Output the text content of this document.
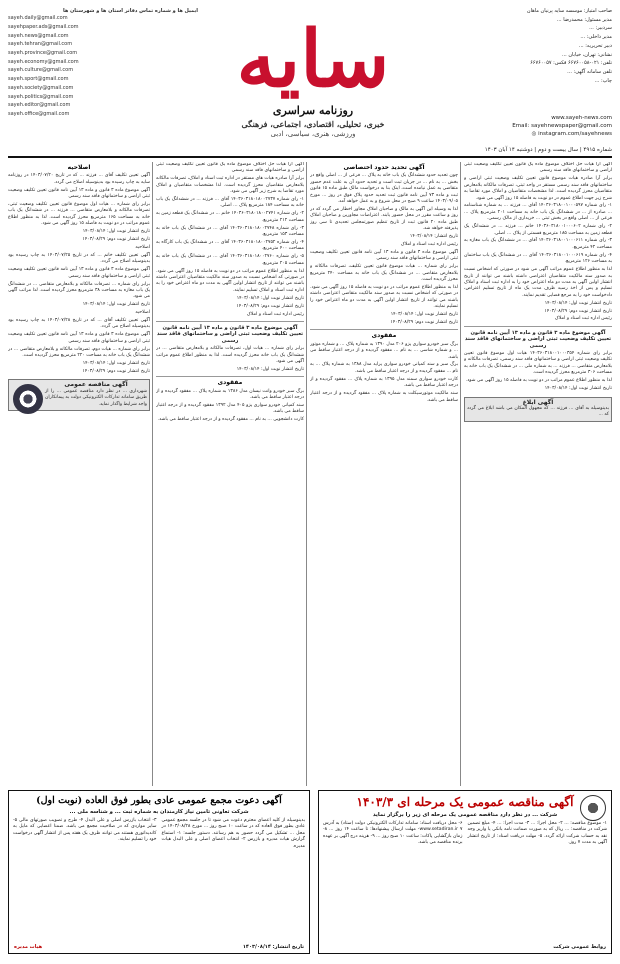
صاحب امتیاز: موسسه سایه پرنیان ماهان
مدیر مسئول: محمدرضا ...
سردبیر: ...
مدیر داخلی: ...
دبیر تحریریه: ...
نشانی: تهران، خیابان ...
تلفن: ۰۲۱-۶۶۷۶۰۰۵۸ فکس: ۶۶۷۶۰۰۵۷
تلفن سامانه آگهی: ...
چاپ: ...
سایه
روزنامه سراسری
خبری، تحلیلی، اقتصادی، اجتماعی، فرهنگی
ورزشی، هنری، سیاسی، ادبی
ایمیل ها و شماره تماس دفاتر استان ها و شهرستان ها
sayeh.daily@gmail.com
sayehpaper.ads@gmail.com
sayeh.news@gmail.com
sayeh.tehran@gmail.com
sayeh.province@gmail.com
sayeh.economy@gmail.com
sayeh.culture@gmail.com
sayeh.sport@gmail.com
sayeh.society@gmail.com
sayeh.politics@gmail.com
sayeh.editor@gmail.com
sayeh.office@gmail.com
www.sayeh-news.com
Email: sayehnewspaper@gmail.com
◎ instagram.com/sayehnews
شماره ۴۹۱۵ | سال بیست و دوم | دوشنبه ۱۴ آبان ۱۴۰۳
آگهی آرا هیات حل اختلاف موضوع ماده یک قانون تعیین تکلیف وضعیت ثبتی اراضی و ساختمانهای فاقد سند رسمی
برابر آرا صادره هیات موضوع قانون تعیین تکلیف وضعیت ثبتی اراضی و ساختمانهای فاقد سند رسمی مستقر در واحد ثبتی، تصرفات مالکانه بلامعارض متقاضیان محرز گردیده است. لذا مشخصات متقاضیان و املاک مورد تقاضا به شرح زیر جهت اطلاع عموم در دو نوبت به فاصله ۱۵ روز آگهی می شود.
۱- رای شماره ۱۴۰۳۶۰۳۱۸۰۰۱۰۰۰۵۹۷ آقای ... فرزند ... به شماره شناسنامه ... صادره از ... در ششدانگ یک باب خانه به مساحت ۲۰۱ مترمربع پلاک ... فرعی از ... اصلی واقع در بخش ثبتی ... خریداری از مالک رسمی.
۲- رای شماره ۱۴۰۳۶۰۳۱۸۰۰۱۰۰۰۶۰۲ خانم ... فرزند ... در ششدانگ یک قطعه زمین به مساحت ۱۸۵ مترمربع قسمتی از پلاک ... اصلی.
۳- رای شماره ۱۴۰۳۶۰۳۱۸۰۰۱۰۰۰۶۱۱ آقای ... در ششدانگ یک باب مغازه به مساحت ۴۲ مترمربع.
۴- رای شماره ۱۴۰۳۶۰۳۱۸۰۰۱۰۰۰۶۱۹ آقای ... در ششدانگ یک باب ساختمان به مساحت ۱۲۶ مترمربع.
لذا به منظور اطلاع عموم مراتب آگهی می شود در صورتی که اشخاص نسبت به صدور سند مالکیت متقاضیان اعتراضی داشته باشند می توانند از تاریخ انتشار اولین آگهی به مدت دو ماه اعتراض خود را به اداره ثبت اسناد و املاک تسلیم و پس از اخذ رسید ظرف مدت یک ماه از تاریخ تسلیم اعتراض، دادخواست خود را به مرجع قضایی تقدیم نمایند.
تاریخ انتشار نوبت اول: ۱۴۰۳/۰۸/۱۴
تاریخ انتشار نوبت دوم: ۱۴۰۳/۰۸/۲۹
رئیس اداره ثبت اسناد و املاک
آگهی موضوع ماده ۳ قانون و ماده ۱۳ آیین نامه قانون تعیین تکلیف وضعیت ثبتی اراضی و ساختمانهای فاقد سند رسمی
برابر رای شماره ۱۴۰۳۶۰۳۱۸۰۰۱۰۰۰۳۵۴ هیات اول موضوع قانون تعیین تکلیف وضعیت ثبتی اراضی و ساختمانهای فاقد سند رسمی، تصرفات مالکانه و بلامعارض متقاضی ... فرزند ... به شماره ملی ... در ششدانگ یک باب خانه به مساحت ۳۰۶ مترمربع محرز گردیده است.
لذا به منظور اطلاع عموم مراتب در دو نوبت به فاصله ۱۵ روز آگهی می شود.
تاریخ انتشار نوبت اول: ۱۴۰۳/۰۸/۱۴
آگهی ابلاغ
بدینوسیله به آقای ... فرزند ... که مجهول المکان می باشد ابلاغ می گردد که ...
آگهی تحدید حدود اختصاصی
چون تحدید حدود ششدانگ یک باب خانه به پلاک ... فرعی از ... اصلی واقع در بخش ... به نام ... در جریان ثبت است و تحدید حدود آن به علت عدم حضور متقاضی به عمل نیامده است، اینک بنا به درخواست مالک طبق ماده ۱۵ قانون ثبت و ماده ۷۳ آیین نامه قانون ثبت تحدید حدود پلاک فوق در روز ... مورخ ۱۴۰۳/۰۹/۰۵ ساعت ۹ صبح در محل شروع و به عمل خواهد آمد.
لذا به وسیله این آگهی به مالک و صاحبان املاک مجاور اخطار می گردد که در روز و ساعت مقرر در محل حضور یابند. اعتراضات مجاورین و صاحبان املاک طبق ماده ۲۰ قانون ثبت از تاریخ تنظیم صورتمجلس تحدیدی تا سی روز پذیرفته خواهد شد.
تاریخ انتشار: ۱۴۰۳/۰۸/۱۴
رئیس اداره ثبت اسناد و املاک
آگهی موضوع ماده ۳ قانون و ماده ۱۳ آیین نامه قانون تعیین تکلیف وضعیت ثبتی اراضی و ساختمانهای فاقد سند رسمی
برابر رای شماره ... هیات موضوع قانون تعیین تکلیف، تصرفات مالکانه و بلامعارض متقاضی ... در ششدانگ یک باب خانه به مساحت ۲۴۰ مترمربع محرز گردیده است.
لذا به منظور اطلاع عموم مراتب در دو نوبت به فاصله ۱۵ روز آگهی می شود. در صورتی که اشخاص نسبت به صدور سند مالکیت متقاضی اعتراضی داشته باشند می توانند از تاریخ انتشار اولین آگهی به مدت دو ماه اعتراض خود را تسلیم نمایند.
تاریخ انتشار نوبت اول: ۱۴۰۳/۰۸/۱۴
تاریخ انتشار نوبت دوم: ۱۴۰۳/۰۸/۲۹
مفقودی
برگ سبز خودرو سواری پژو ۲۰۶ مدل ۱۳۹۰ به شماره پلاک ... و شماره موتور ... و شماره شاسی ... به نام ... مفقود گردیده و از درجه اعتبار ساقط می باشد.
برگ سبز و سند کمپانی خودرو سواری پراید مدل ۱۳۸۸ به شماره پلاک ... به نام ... مفقود گردیده و از درجه اعتبار ساقط می باشد.
کارت خودرو سواری سمند مدل ۱۳۹۵ به شماره پلاک ... مفقود گردیده و از درجه اعتبار ساقط می باشد.
سند مالکیت موتورسیکلت به شماره پلاک ... مفقود گردیده و از درجه اعتبار ساقط می باشد.
آگهی آرا هیات حل اختلاف موضوع ماده یک قانون تعیین تکلیف وضعیت ثبتی اراضی و ساختمانهای فاقد سند رسمی
برابر آرا صادره هیات های مستقر در اداره ثبت اسناد و املاک، تصرفات مالکانه بلامعارض متقاضیان محرز گردیده است. لذا مشخصات متقاضیان و املاک مورد تقاضا به شرح زیر آگهی می شود.
۱- رای شماره ۱۴۰۳۶۰۳۱۸۰۱۸۰۰۲۷۳۷ آقای ... فرزند ... در ششدانگ یک باب خانه به مساحت ۱۸۴ مترمربع پلاک ... اصلی.
۲- رای شماره ۱۴۰۳۶۰۳۱۸۰۱۸۰۰۲۷۴۱ خانم ... در ششدانگ یک قطعه زمین به مساحت ۲۱۲ مترمربع.
۳- رای شماره ۱۴۰۳۶۰۳۱۸۰۱۸۰۰۲۷۴۸ آقای ... در ششدانگ یک باب خانه به مساحت ۱۵۳ مترمربع.
۴- رای شماره ۱۴۰۳۶۰۳۱۸۰۱۸۰۰۲۷۵۲ آقای ... در ششدانگ یک باب کارگاه به مساحت ۴۰۰ مترمربع.
۵- رای شماره ۱۴۰۳۶۰۳۱۸۰۱۸۰۰۲۷۶۰ آقای ... در ششدانگ یک باب خانه به مساحت ۲۰۵ مترمربع.
لذا به منظور اطلاع عموم مراتب در دو نوبت به فاصله ۱۵ روز آگهی می شود. در صورتی که اشخاص نسبت به صدور سند مالکیت متقاضیان اعتراضی داشته باشند می توانند از تاریخ انتشار اولین آگهی به مدت دو ماه اعتراض خود را به اداره ثبت اسناد و املاک تسلیم نمایند.
تاریخ انتشار نوبت اول: ۱۴۰۳/۰۸/۱۴
تاریخ انتشار نوبت دوم: ۱۴۰۳/۰۸/۲۹
رئیس اداره ثبت اسناد و املاک
آگهی موضوع ماده ۳ قانون و ماده ۱۳ آیین نامه قانون تعیین تکلیف وضعیت ثبتی اراضی و ساختمانهای فاقد سند رسمی
برابر رای شماره ... هیات اول، تصرفات مالکانه و بلامعارض متقاضی ... در ششدانگ یک باب خانه محرز گردیده است. لذا به منظور اطلاع عموم مراتب آگهی می شود.
تاریخ انتشار نوبت اول: ۱۴۰۳/۰۸/۱۴
مفقودی
برگ سبز خودرو وانت نیسان مدل ۱۳۸۶ به شماره پلاک ... مفقود گردیده و از درجه اعتبار ساقط می باشد.
سند کمپانی خودرو سواری پژو ۴۰۵ مدل ۱۳۹۲ مفقود گردیده و از درجه اعتبار ساقط می باشد.
کارت دانشجویی ... به نام ... مفقود گردیده و از درجه اعتبار ساقط می باشد.
اصلاحیه
آگهی تعیین تکلیف آقای ... فرزند ... که در تاریخ ۱۴۰۳/۰۷/۲۰ در روزنامه سایه به چاپ رسیده بود بدینوسیله اصلاح می گردد.
آگهی موضوع ماده ۳ قانون و ماده ۱۳ آیین نامه قانون تعیین تکلیف وضعیت ثبتی اراضی و ساختمانهای فاقد سند رسمی
برابر رای شماره ... هیات اول موضوع قانون تعیین تکلیف وضعیت ثبتی، تصرفات مالکانه و بلامعارض متقاضی ... فرزند ... در ششدانگ یک باب خانه به مساحت ۱۶۵ مترمربع محرز گردیده است. لذا به منظور اطلاع عموم مراتب در دو نوبت به فاصله ۱۵ روز آگهی می شود.
تاریخ انتشار نوبت اول: ۱۴۰۳/۰۸/۱۴
تاریخ انتشار نوبت دوم: ۱۴۰۳/۰۸/۲۹
اصلاحیه
آگهی تعیین تکلیف خانم ... که در تاریخ ۱۴۰۳/۰۷/۲۵ به چاپ رسیده بود بدینوسیله اصلاح می گردد.
آگهی موضوع ماده ۳ قانون و ماده ۱۳ آیین نامه قانون تعیین تکلیف وضعیت ثبتی اراضی و ساختمانهای فاقد سند رسمی
برابر رای شماره ... تصرفات مالکانه و بلامعارض متقاضی ... در ششدانگ یک باب مغازه به مساحت ۳۸ مترمربع محرز گردیده است. لذا مراتب آگهی می شود.
تاریخ انتشار نوبت اول: ۱۴۰۳/۰۸/۱۴
اصلاحیه
آگهی تعیین تکلیف آقای ... که در تاریخ ۱۴۰۳/۰۷/۲۸ به چاپ رسیده بود بدینوسیله اصلاح می گردد.
آگهی موضوع ماده ۳ قانون و ماده ۱۳ آیین نامه قانون تعیین تکلیف وضعیت ثبتی اراضی و ساختمانهای فاقد سند رسمی
برابر رای شماره ... هیات دوم، تصرفات مالکانه و بلامعارض متقاضی ... در ششدانگ یک باب خانه به مساحت ۲۲۰ مترمربع محرز گردیده است.
تاریخ انتشار نوبت اول: ۱۴۰۳/۰۸/۱۴
تاریخ انتشار نوبت دوم: ۱۴۰۳/۰۸/۲۹
آگهی مناقصه عمومی
شهرداری ... در نظر دارد مناقصه عمومی ... را از طریق سامانه تدارکات الکترونیکی دولت به پیمانکاران واجد شرایط واگذار نماید.
آگهی مناقصه عمومی یک مرحله ای ۱۴۰۳/۳
شرکت ... در نظر دارد مناقصه عمومی یک مرحله ای زیر را برگزار نماید
۱- موضوع مناقصه: ... ۲- محل اجرا: ... ۳- مدت اجرا: ... ۴- مبلغ تضمین شرکت در مناقصه: ... ریال که به صورت ضمانت نامه بانکی یا واریز وجه نقد به حساب شرکت ارائه گردد. ۵- مهلت دریافت اسناد: از تاریخ انتشار آگهی به مدت ۷ روز.
۶- محل دریافت اسناد: سامانه تدارکات الکترونیکی دولت (ستاد) به آدرس www.setadiran.ir ۷- مهلت ارسال پیشنهادها: تا ساعت ۱۴ روز ... ۸- زمان بازگشایی پاکات: ساعت ۱۰ صبح روز ... ۹- هزینه درج آگهی بر عهده برنده مناقصه می باشد.
روابط عمومی شرکت
آگهی دعوت مجمع عمومی عادی بطور فوق العاده (نوبت اول)
شرکت تعاونی تامین نیاز کارمندان به شماره ثبت ... و شناسه ملی ...
بدینوسیله از کلیه اعضای محترم دعوت می شود تا در جلسه مجمع عمومی عادی بطور فوق العاده که در ساعت ۱۰ صبح روز ... مورخ ۱۴۰۳/۰۸/۲۸ در محل ... تشکیل می گردد حضور به هم رسانند. دستور جلسه: ۱- استماع گزارش هیات مدیره و بازرس ۲- انتخاب اعضای اصلی و علی البدل هیات مدیره.
۳- انتخاب بازرس اصلی و علی البدل ۴- طرح و تصویب صورتهای مالی ۵- سایر مواردی که در صلاحیت مجمع می باشد. ضمنا اعضایی که مایل به کاندیداتوری هستند می توانند ظرف یک هفته پس از انتشار آگهی درخواست خود را تسلیم نمایند.
تاریخ انتشار: ۱۴۰۳/۰۸/۱۴
هیات مدیره
